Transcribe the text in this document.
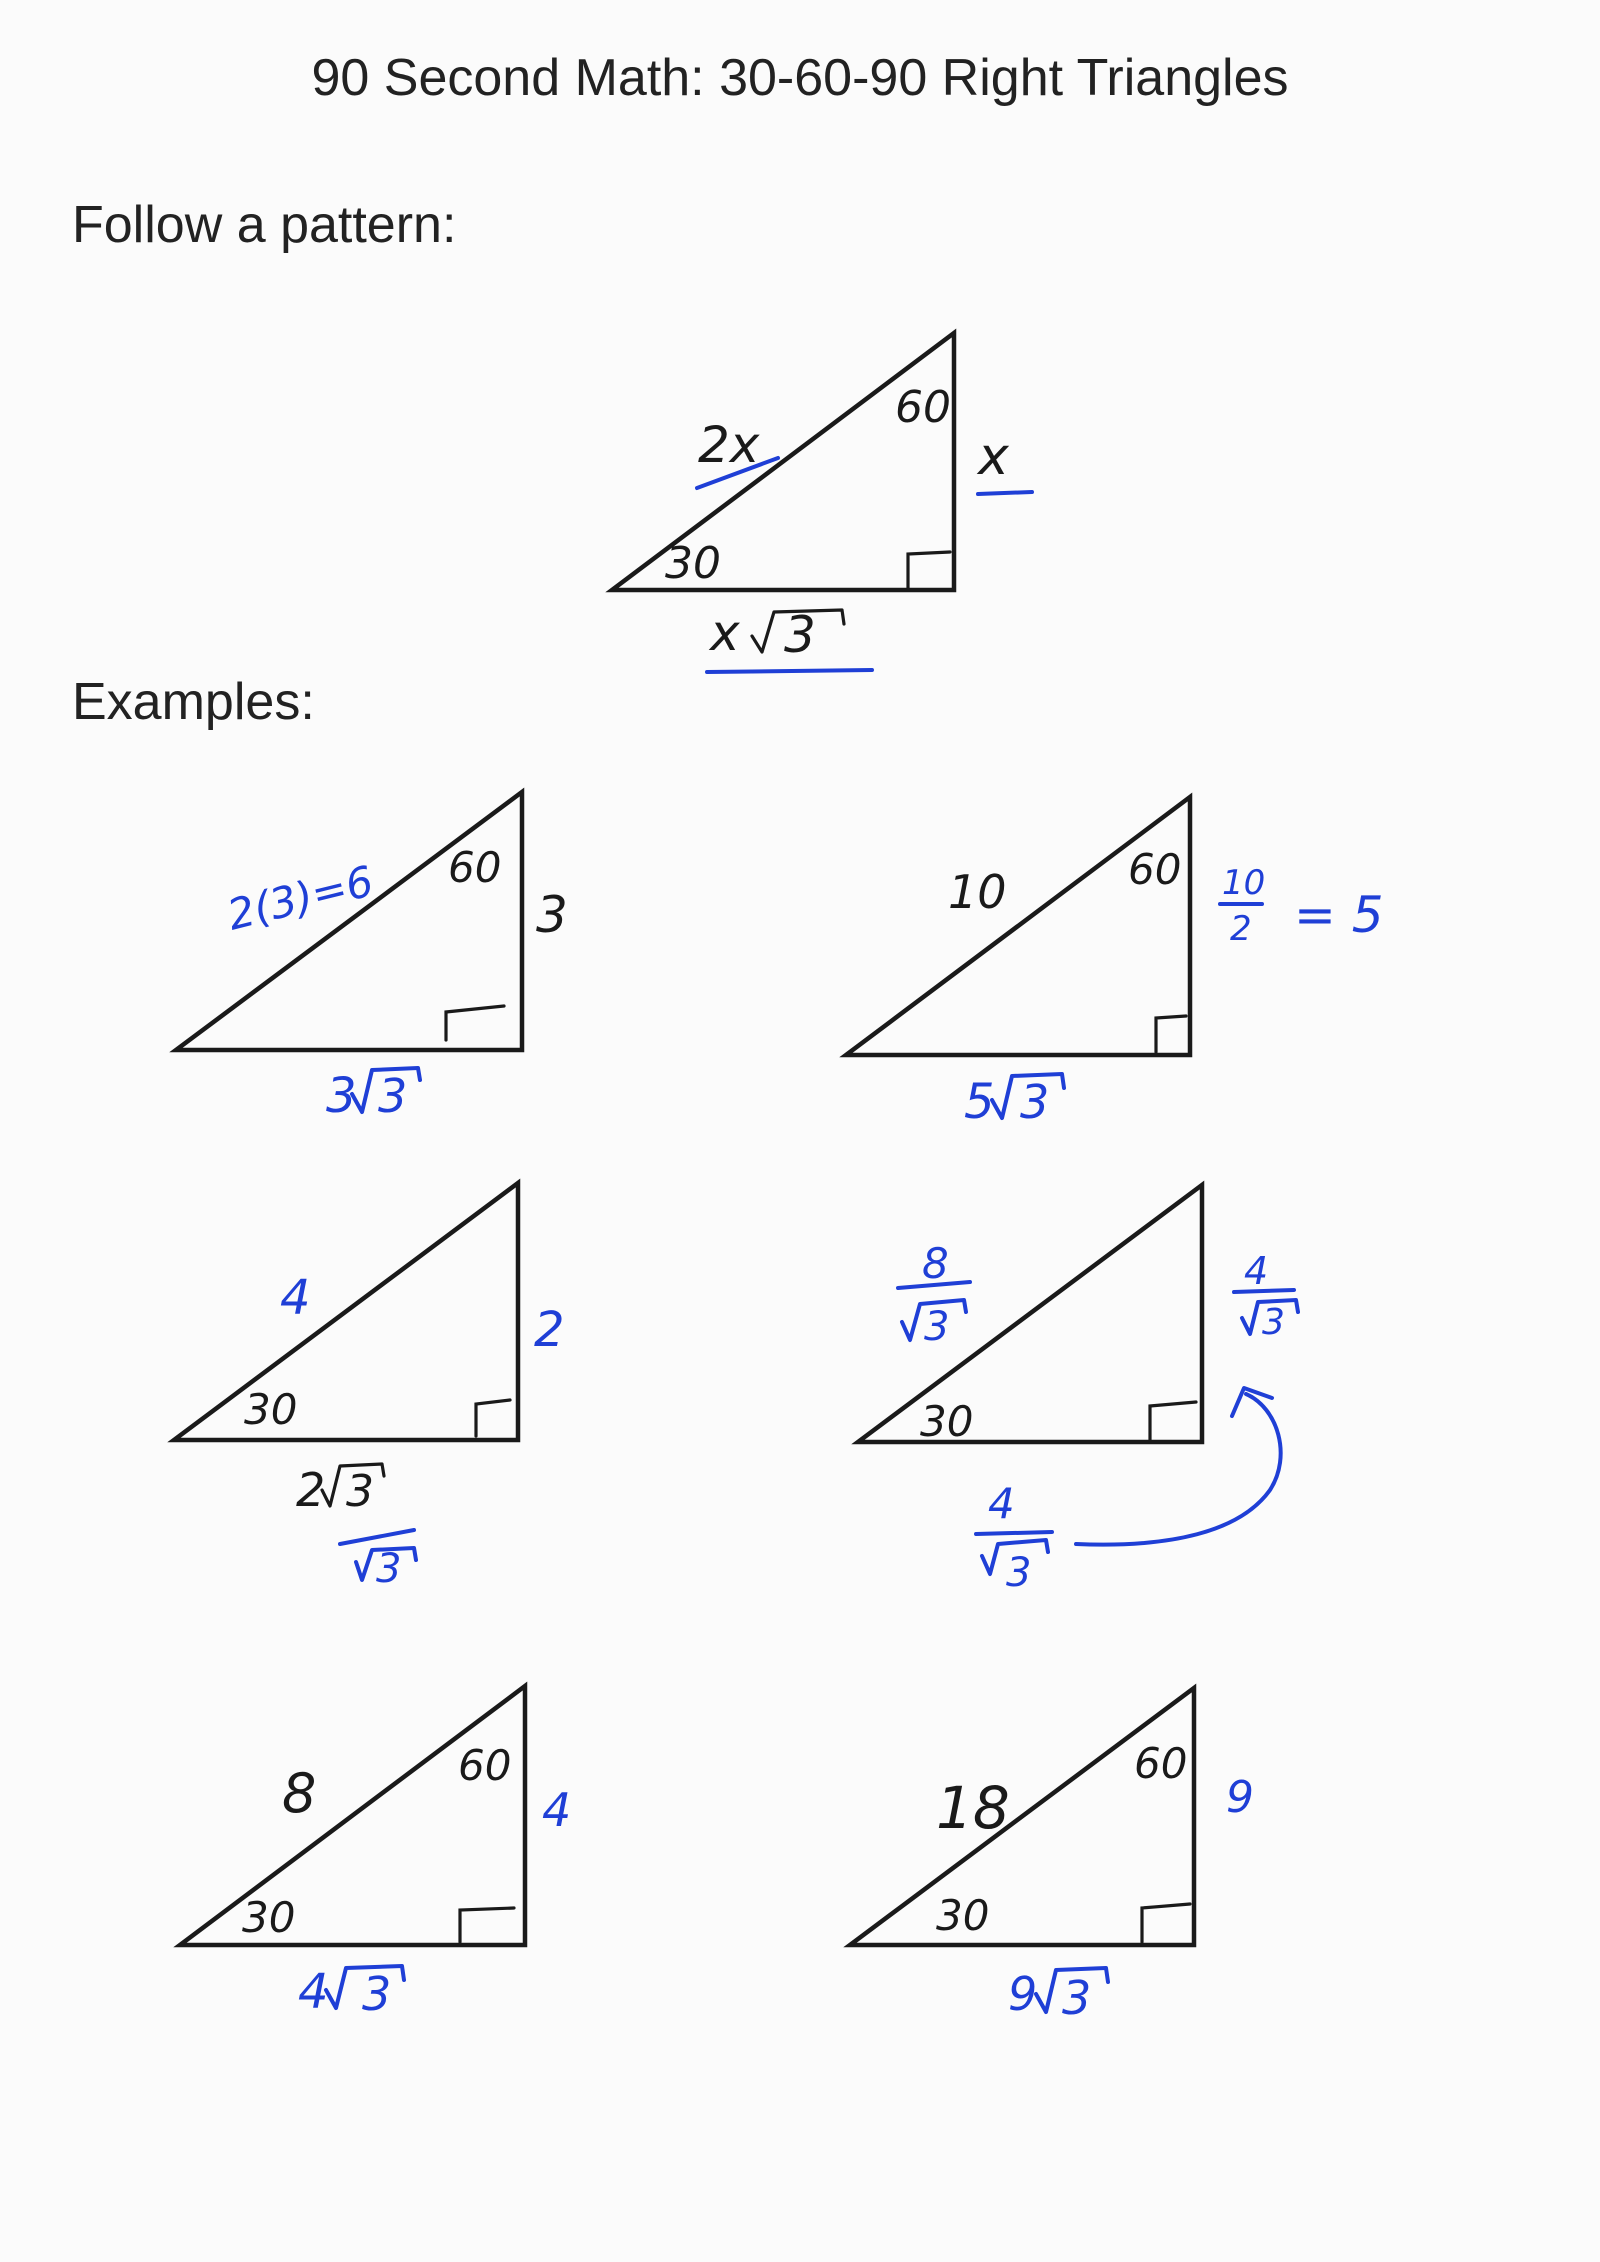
90 Second Math: 30-60-90 Right Triangles
Follow a pattern:
Examples:
30
60
2x	x
x 3
60
2(3)=6	3
3 3
60
10	10
2 = 5
5 3
30
4
2
2 3
3
30
8
3
4
3
4
3
30
60
8	4
4 3
30
60
18	9
9 3
